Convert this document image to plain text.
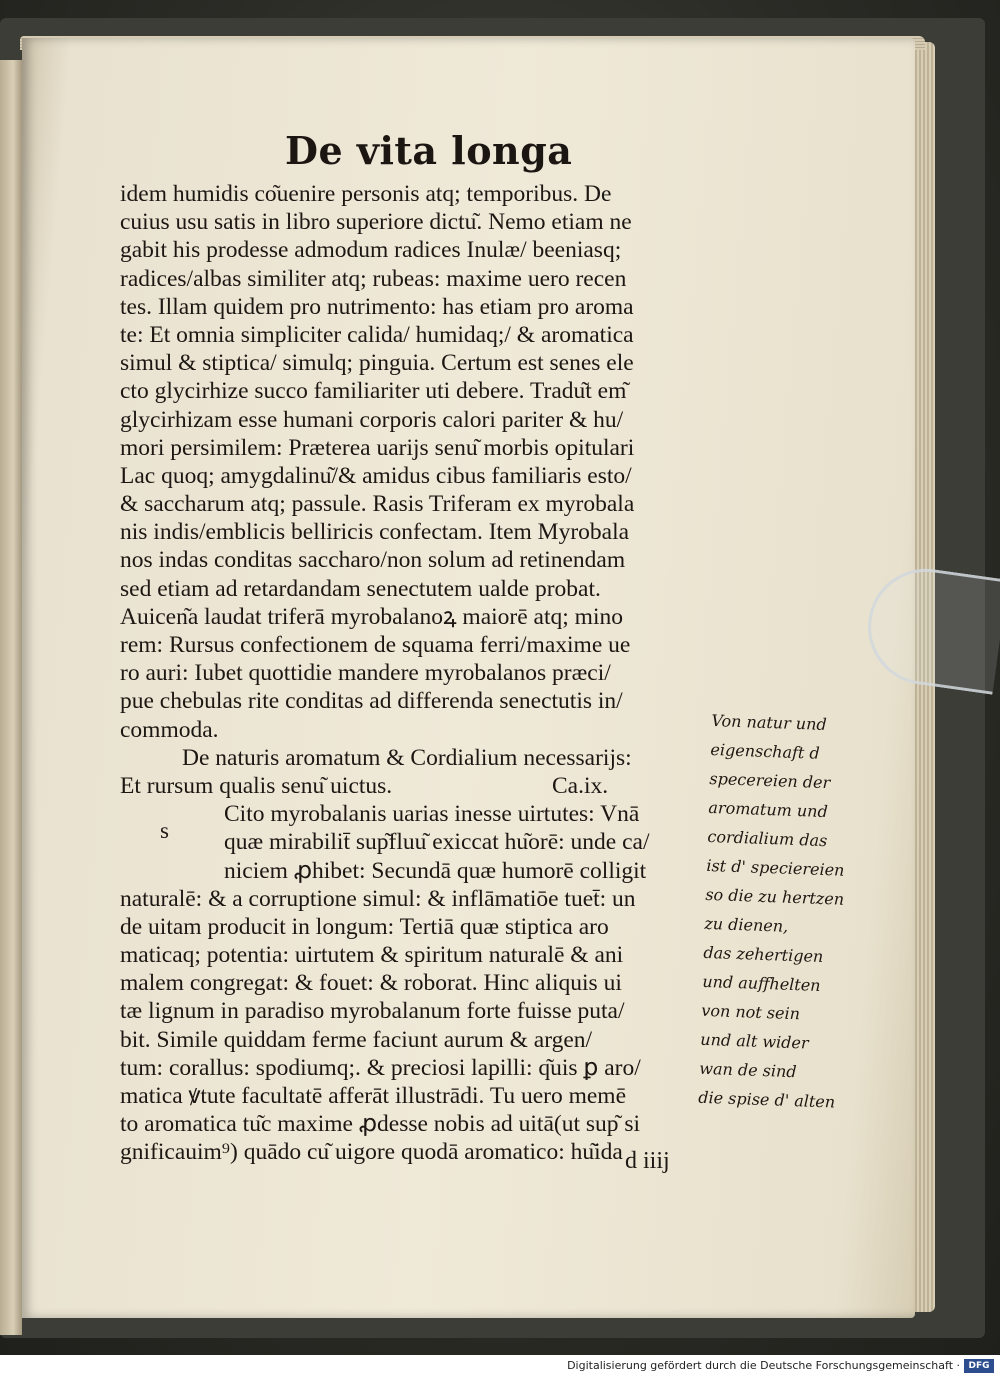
De vita longa
idem humidis co͂uenire personis atq; temporibus. De
cuius usu satis in libro superiore dictu͂. Nemo etiam ne
gabit his prodesse admodum radices Inulæ/ beeniasq;
radices/albas similiter atq; rubeas: maxime uero recen
tes. Illam quidem pro nutrimento: has etiam pro aroma
te: Et omnia simpliciter calida/ humidaq;/ & aromatica
simul & stiptica/ simulq; pinguia. Certum est senes ele
cto glycirhize succo familiariter uti debere. Tradu͂t em͂
glycirhizam esse humani corporis calori pariter & hu/
mori persimilem: Præterea uarijs senu͂ morbis opitulari
Lac quoq; amygdalinu͂/& amidus cibus familiaris esto/
& saccharum atq; passule. Rasis Triferam ex myrobala
nis indis/emblicis belliricis confectam. Item Myrobala
nos indas conditas saccharo/non solum ad retinendam
sed etiam ad retardandam senectutem ualde probat.
Auicen͂a laudat triferā myrobalanoꝝ maiorē atq; mino
rem: Rursus confectionem de squama ferri/maxime ue
ro auri: Iubet quottidie mandere myrobalanos præci/
pue chebulas rite conditas ad differenda senectutis in/
commoda.
De naturis aromatum & Cordialium necessarijs:
Et rursum qualis senu͂ uictus.	Ca.ix.
Cito myrobalanis uarias inesse uirtutes: Vnā
quæ mirabilit̄ sup͂fluu͂ exiccat hu͂orē: unde ca/
niciem ꝓhibet: Secundā quæ humorē colligit
naturalē: & a corruptione simul: & inflāmatiōe tuet̄: un
de uitam producit in longum: Tertiā quæ stiptica aro
maticaq; potentia: uirtutem & spiritum naturalē & ani
malem congregat: & fouet: & roborat. Hinc aliquis ui
tæ lignum in paradiso myrobalanum forte fuisse puta/
bit. Simile quiddam ferme faciunt aurum & argen/
tum: corallus: spodiumq;. & preciosi lapilli: q͂uis ꝑ aro/
matica ꝟtute facultatē afferāt illustrādi. Tu uero memē
to aromatica tu͂c maxime ꝓdesse nobis ad uitā(ut sup͂ si
gnificauim⁹) quādo cu͂ uigore quodā aromatico: hu͂ida
s
d iiij
Von natur und
eigenschaft d
specereien der
aromatum und
cordialium das
ist d' speciereien
so die zu hertzen
zu dienen,
das zehertigen
und auffhelten
von not sein
und alt wider
wan de sind
die spise d' alten
Digitalisierung gefördert durch die Deutsche Forschungsgemeinschaft · DFG
